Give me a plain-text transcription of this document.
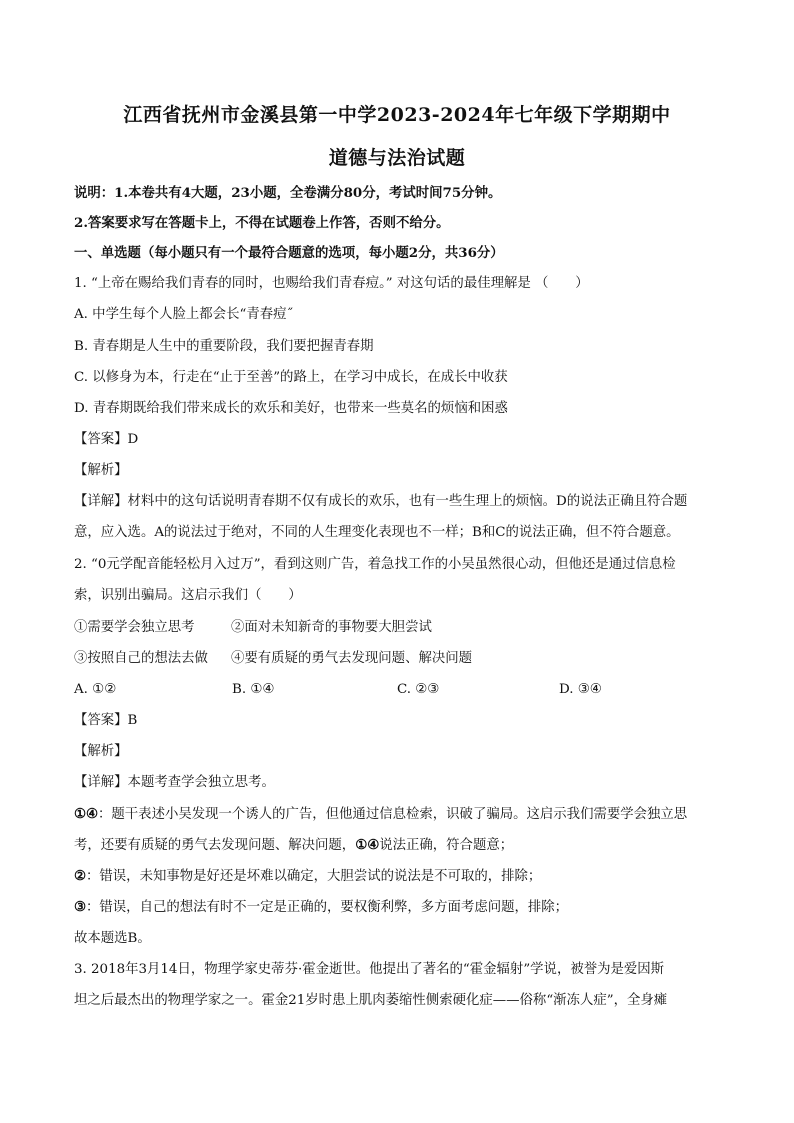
江西省抚州市金溪县第一中学2023-2024年七年级下学期期中
道德与法治试题
说明：1.本卷共有4大题，23小题，全卷满分80分，考试时间75分钟。
2.答案要求写在答题卡上，不得在试题卷上作答，否则不给分。
一、单选题（每小题只有一个最符合题意的选项，每小题2分，共36分）
1. “上帝在赐给我们青春的同时，也赐给我们青春痘。” 对这句话的最佳理解是 （　　）
A. 中学生每个人脸上都会长“青春痘˝
B. 青春期是人生中的重要阶段，我们要把握青春期
C. 以修身为本，行走在“止于至善”的路上，在学习中成长，在成长中收获
D. 青春期既给我们带来成长的欢乐和美好，也带来一些莫名的烦恼和困惑
【答案】D
【解析】
【详解】材料中的这句话说明青春期不仅有成长的欢乐，也有一些生理上的烦恼。D的说法正确且符合题
意，应入选。A的说法过于绝对，不同的人生理变化表现也不一样；B和C的说法正确，但不符合题意。
2. “0元学配音能轻松月入过万”，看到这则广告，着急找工作的小吴虽然很心动，但他还是通过信息检
索，识别出骗局。这启示我们（　　）
①需要学会独立思考	②面对未知新奇的事物要大胆尝试
③按照自己的想法去做 ④要有质疑的勇气去发现问题、解决问题
A. ①②	B. ①④	C. ②③	D. ③④
【答案】B
【解析】
【详解】本题考查学会独立思考。
①④：题干表述小吴发现一个诱人的广告，但他通过信息检索，识破了骗局。这启示我们需要学会独立思
考，还要有质疑的勇气去发现问题、解决问题，①④说法正确，符合题意；
②：错误，未知事物是好还是坏难以确定，大胆尝试的说法是不可取的，排除；
③：错误，自己的想法有时不一定是正确的，要权衡利弊，多方面考虑问题，排除；
故本题选B。
3. 2018年3月14日，物理学家史蒂芬·霍金逝世。他提出了著名的“霍金辐射”学说，被誉为是爱因斯
坦之后最杰出的物理学家之一。霍金21岁时患上肌肉萎缩性侧索硬化症——俗称“渐冻人症”，全身瘫
